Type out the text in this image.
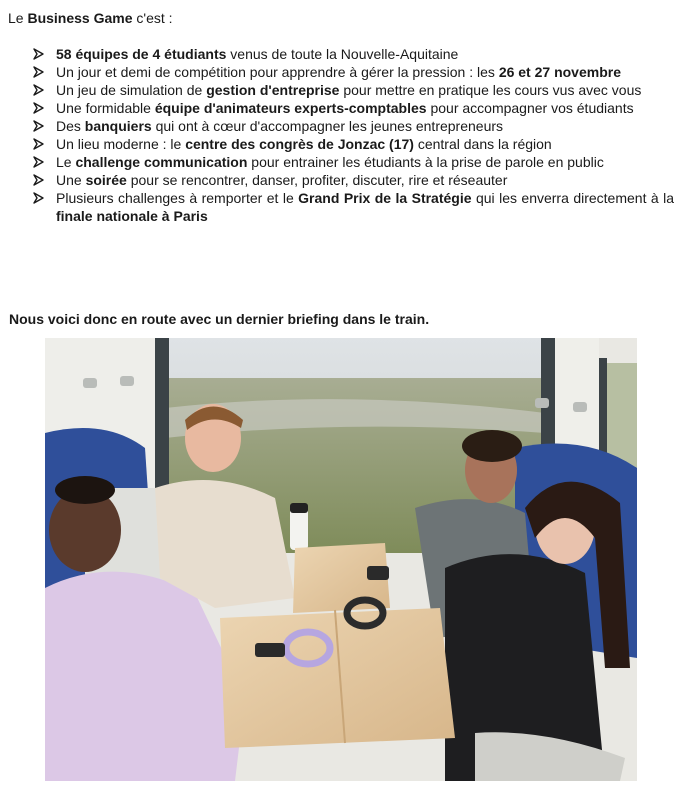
Le Business Game c'est :
58 équipes de 4 étudiants venus de toute la Nouvelle-Aquitaine
Un jour et demi de compétition pour apprendre à gérer la pression : les 26 et 27 novembre
Un jeu de simulation de gestion d'entreprise pour mettre en pratique les cours vus avec vous
Une formidable équipe d'animateurs experts-comptables pour accompagner vos étudiants
Des banquiers qui ont à cœur d'accompagner les jeunes entrepreneurs
Un lieu moderne : le centre des congrès de Jonzac (17) central dans la région
Le challenge communication pour entrainer les étudiants à la prise de parole en public
Une soirée pour se rencontrer, danser, profiter, discuter, rire et réseauter
Plusieurs challenges à remporter et le Grand Prix de la Stratégie qui les enverra directement à la finale nationale à Paris
Nous voici donc en route avec un dernier briefing dans le train.
